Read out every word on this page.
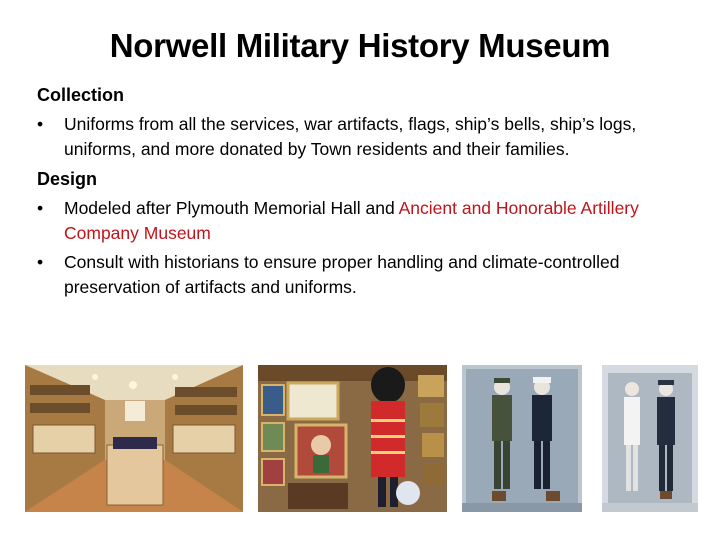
Norwell Military History Museum
Collection
• Uniforms from all the services, war artifacts, flags, ship’s bells, ship’s logs, uniforms, and more donated by Town residents and their families.
Design
• Modeled after Plymouth Memorial Hall and Ancient and Honorable Artillery Company Museum
• Consult with historians to ensure proper handling and climate-controlled preservation of artifacts and uniforms.
